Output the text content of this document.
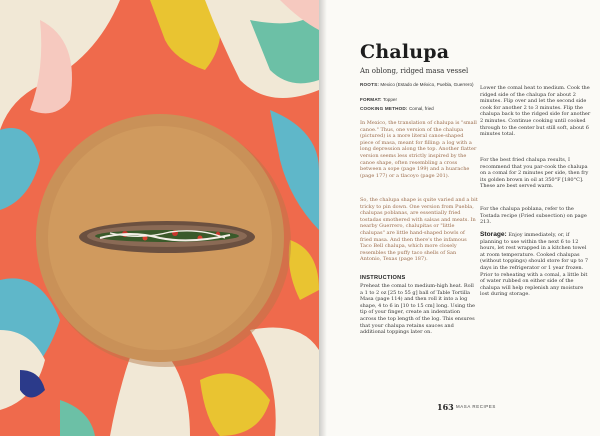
Chalupa

An oblong, ridged masa vessel

ROOTS: Mexico (Estado de México, Puebla, Guerrero)
FORMAT: Topper
COOKING METHOD: Comal, fried
In Mexico, the translation of chalupa is "small canoe." Thus, one version of the chalupa (pictured) is a more literal canoe-shaped piece of masa, meant for filling: a log with a long depression along the top. Another flatter version seems less strictly inspired by the canoe shape, often resembling a cross between a sope (page 199) and a huarache (page 177) or a tlacoyo (page 201).
So, the chalupa shape is quite varied and a bit tricky to pin down. One version from Puebla, chalupas poblanas, are essentially fried tostadas smothered with salsas and meats. In nearby Guerrero, chalupitas or "little chalupas" are little hand-shaped bowls of fried masa. And then there's the infamous Taco Bell chalupa, which more closely resembles the puffy taco shells of San Antonio, Texas (page 187).
INSTRUCTIONS
Preheat the comal to medium-high heat. Roll a 1 to 2 oz [25 to 55 g] ball of Table Tortilla Masa (page 114) and then roll it into a log shape, 4 to 6 in [10 to 15 cm] long. Using the tip of your finger, create an indentation across the top length of the log. This ensures that your chalupa retains sauces and additional toppings later on.
Lower the comal heat to medium. Cook the ridged side of the chalupa for about 2 minutes. Flip over and let the second side cook for another 2 to 3 minutes. Flip the chalupa back to the ridged side for another 2 minutes. Continue cooking until cooked through to the center but still soft, about 6 minutes total.
For the best fried chalupa results, I recommend that you par-cook the chalupa on a comal for 2 minutes per side, then fry its golden brown in oil at 350°F [180°C]. These are best served warm.
For the chalupa poblana, refer to the Tostada recipe (Fried subsection) on page 213.
Storage: Enjoy immediately, or, if planning to use within the next 6 to 12 hours, let rest wrapped in a kitchen towel at room temperature. Cooked chalupas (without toppings) should store for up to 7 days in the refrigerator or 1 year frozen. Prior to reheating with a comal, a little bit of water rubbed on either side of the chalupa will help replenish any moisture lost during storage.
163 MASA RECIPES
